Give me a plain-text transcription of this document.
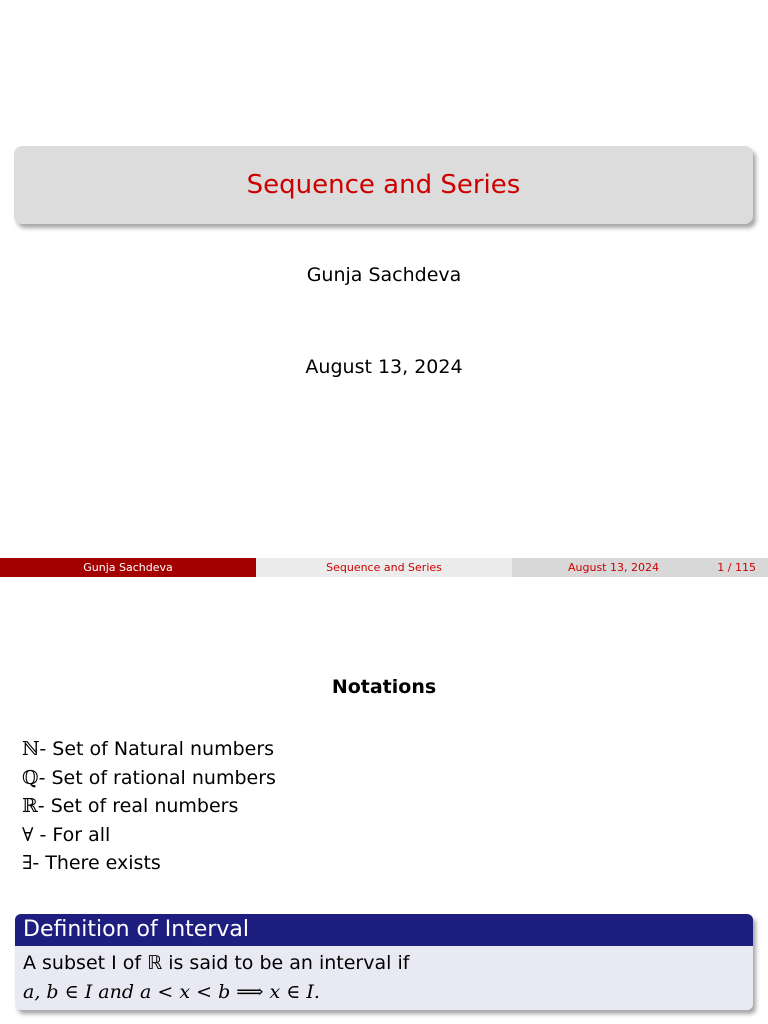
Sequence and Series
Gunja Sachdeva
August 13, 2024
Gunja Sachdeva	Sequence and Series	August 13, 2024	1 / 115
Notations
ℕ- Set of Natural numbers
ℚ- Set of rational numbers
ℝ- Set of real numbers
∀ - For all
∃- There exists
Definition of Interval
A subset I of ℝ is said to be an interval if
a, b ∈ I and a < x < b ⟹ x ∈ I.
